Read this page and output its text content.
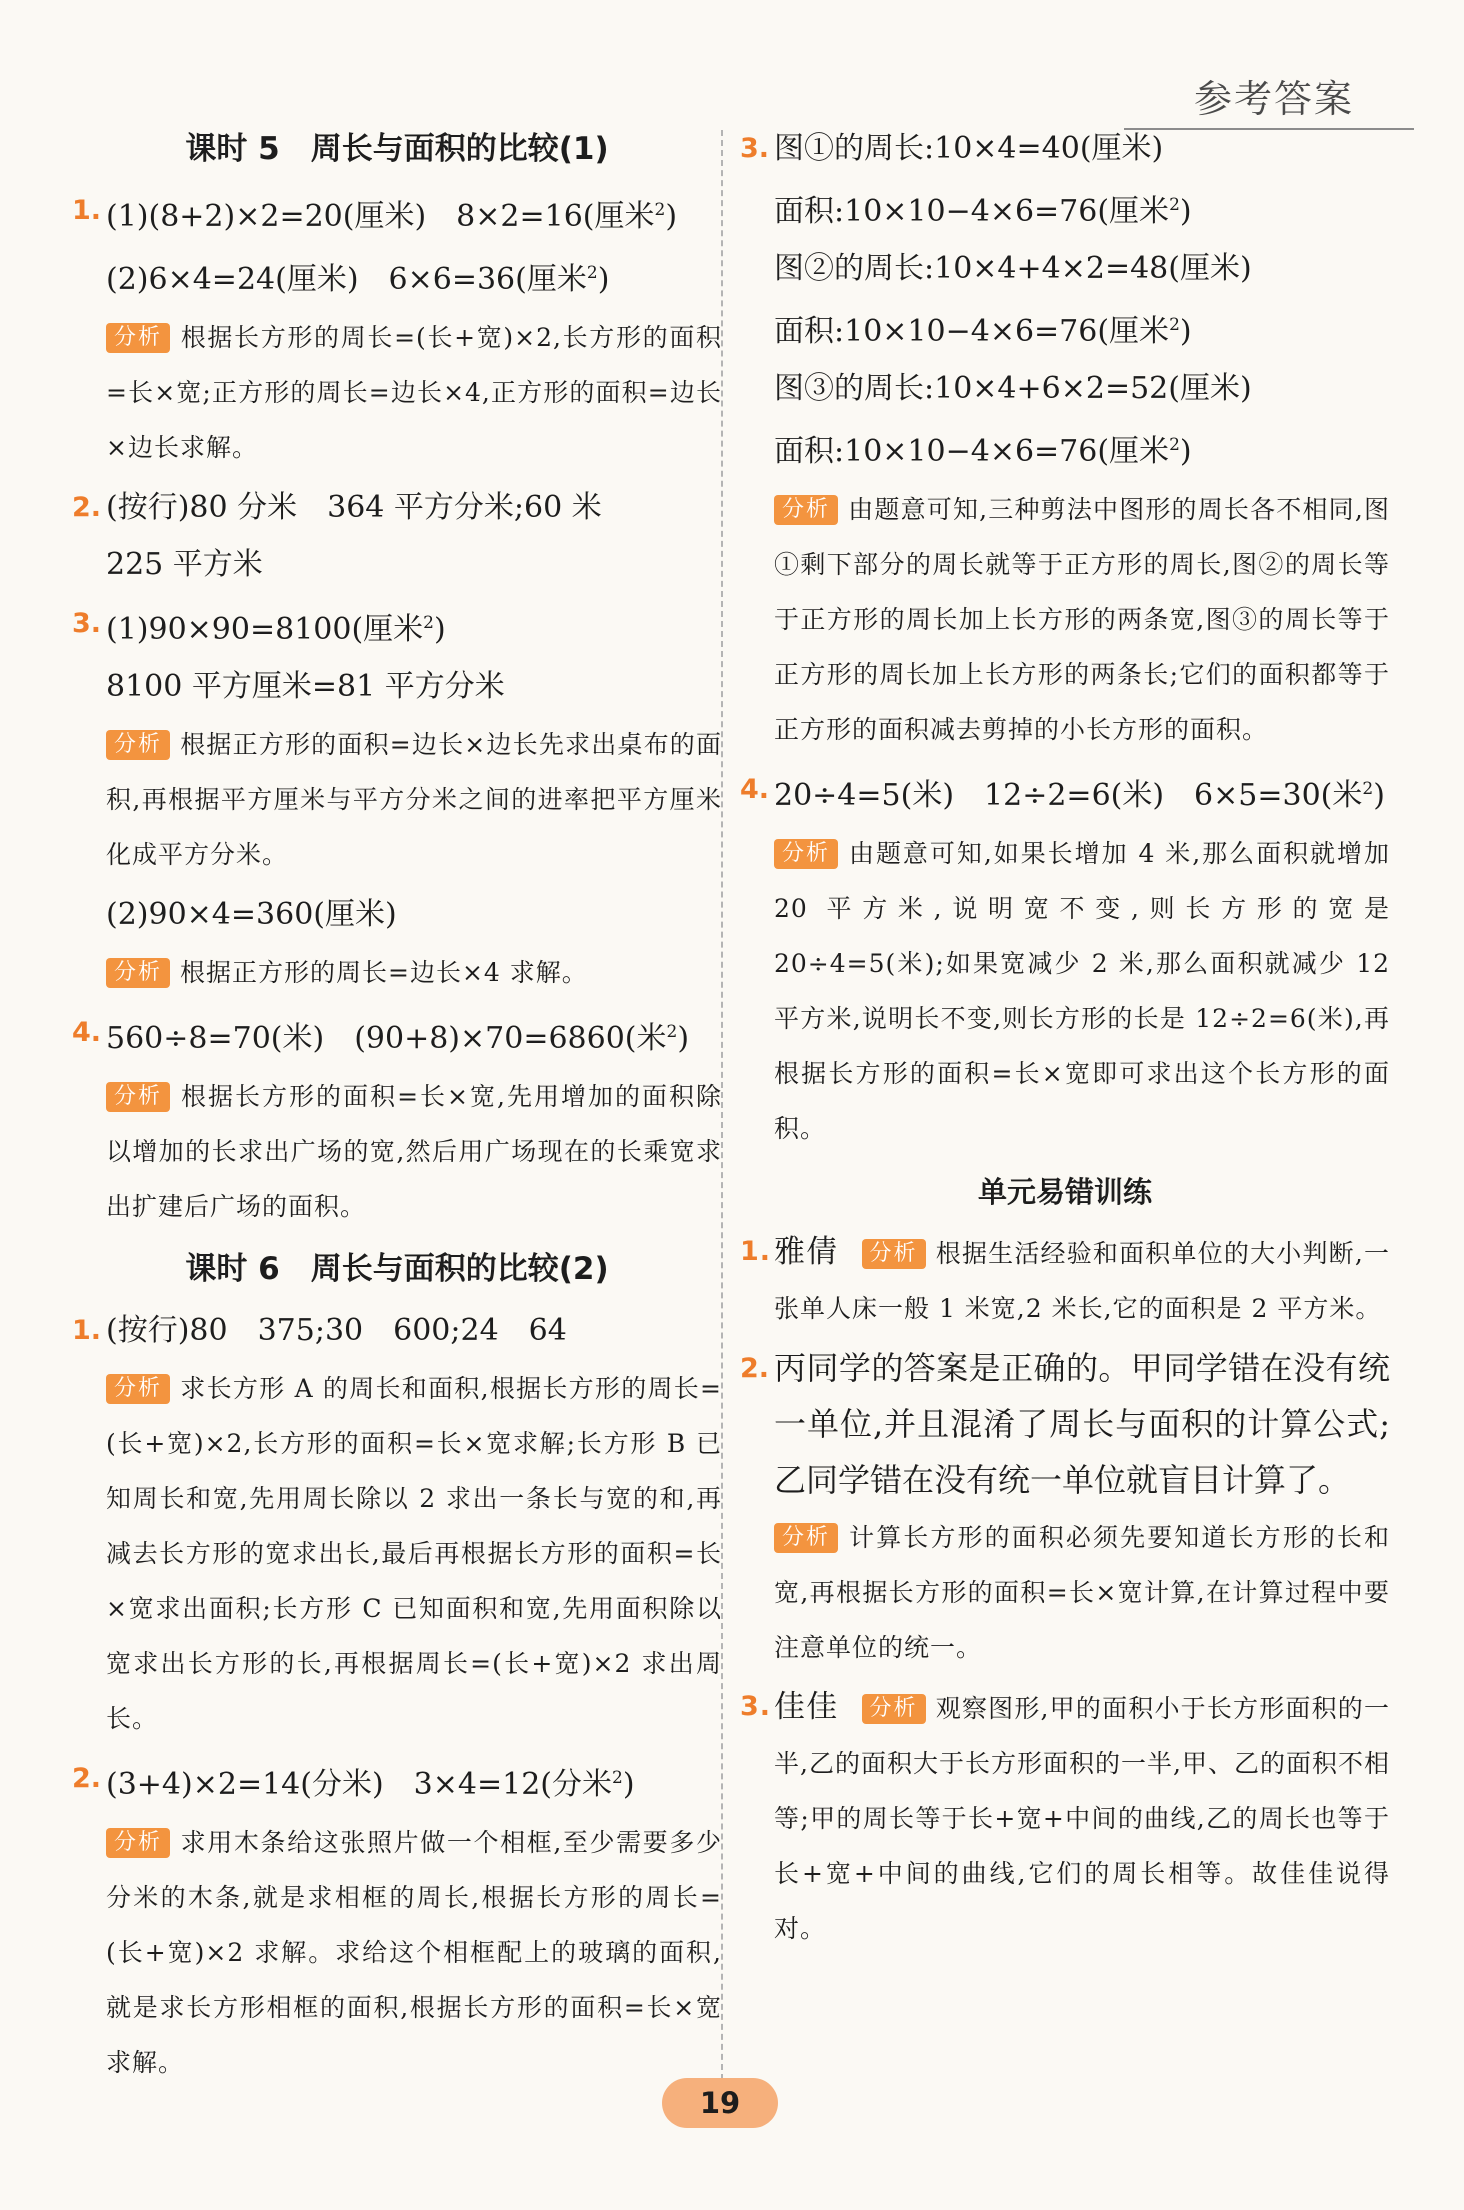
参考答案
课时 5　周长与面积的比较(1)
1. (1)(8+2)×2=20(厘米)　8×2=16(厘米$^2$)
(2)6×4=24(厘米)　6×6=36(厘米$^2$)
分析 根据长方形的周长=(长+宽)×2,长方形的面积=长×宽;正方形的周长=边长×4,正方形的面积=边长×边长求解。
2. (按行)80 分米　364 平方分米;60 米
225 平方米
3. (1)90×90=8100(厘米$^2$)
8100 平方厘米=81 平方分米
分析 根据正方形的面积=边长×边长先求出桌布的面积,再根据平方厘米与平方分米之间的进率把平方厘米化成平方分米。
(2)90×4=360(厘米)
分析 根据正方形的周长=边长×4 求解。
4. 560÷8=70(米)　(90+8)×70=6860(米$^2$)
分析 根据长方形的面积=长×宽,先用增加的面积除以增加的长求出广场的宽,然后用广场现在的长乘宽求出扩建后广场的面积。
课时 6　周长与面积的比较(2)
1. (按行)80　375;30　600;24　64
分析 求长方形 A 的周长和面积,根据长方形的周长=(长+宽)×2,长方形的面积=长×宽求解;长方形 B 已知周长和宽,先用周长除以 2 求出一条长与宽的和,再减去长方形的宽求出长,最后再根据长方形的面积=长×宽求出面积;长方形 C 已知面积和宽,先用面积除以宽求出长方形的长,再根据周长=(长+宽)×2 求出周长。
2. (3+4)×2=14(分米)　3×4=12(分米$^2$)
分析 求用木条给这张照片做一个相框,至少需要多少分米的木条,就是求相框的周长,根据长方形的周长=(长+宽)×2 求解。求给这个相框配上的玻璃的面积,就是求长方形相框的面积,根据长方形的面积=长×宽求解。
3. 图①的周长:10×4=40(厘米)
面积:10×10−4×6=76(厘米$^2$)
图②的周长:10×4+4×2=48(厘米)
面积:10×10−4×6=76(厘米$^2$)
图③的周长:10×4+6×2=52(厘米)
面积:10×10−4×6=76(厘米$^2$)
分析 由题意可知,三种剪法中图形的周长各不相同,图①剩下部分的周长就等于正方形的周长,图②的周长等于正方形的周长加上长方形的两条宽,图③的周长等于正方形的周长加上长方形的两条长;它们的面积都等于正方形的面积减去剪掉的小长方形的面积。
4. 20÷4=5(米)　12÷2=6(米)　6×5=30(米$^2$)
分析 由题意可知,如果长增加 4 米,那么面积就增加 20 平方米,说明宽不变,则长方形的宽是 20÷4=5(米);如果宽减少 2 米,那么面积就减少 12 平方米,说明长不变,则长方形的长是 12÷2=6(米),再根据长方形的面积=长×宽即可求出这个长方形的面积。
单元易错训练
1. 雅倩 分析 根据生活经验和面积单位的大小判断,一张单人床一般 1 米宽,2 米长,它的面积是 2 平方米。
2. 丙同学的答案是正确的。甲同学错在没有统一单位,并且混淆了周长与面积的计算公式;乙同学错在没有统一单位就盲目计算了。
分析 计算长方形的面积必须先要知道长方形的长和宽,再根据长方形的面积=长×宽计算,在计算过程中要注意单位的统一。
3. 佳佳 分析 观察图形,甲的面积小于长方形面积的一半,乙的面积大于长方形面积的一半,甲、乙的面积不相等;甲的周长等于长+宽+中间的曲线,乙的周长也等于长+宽+中间的曲线,它们的周长相等。故佳佳说得对。
19
